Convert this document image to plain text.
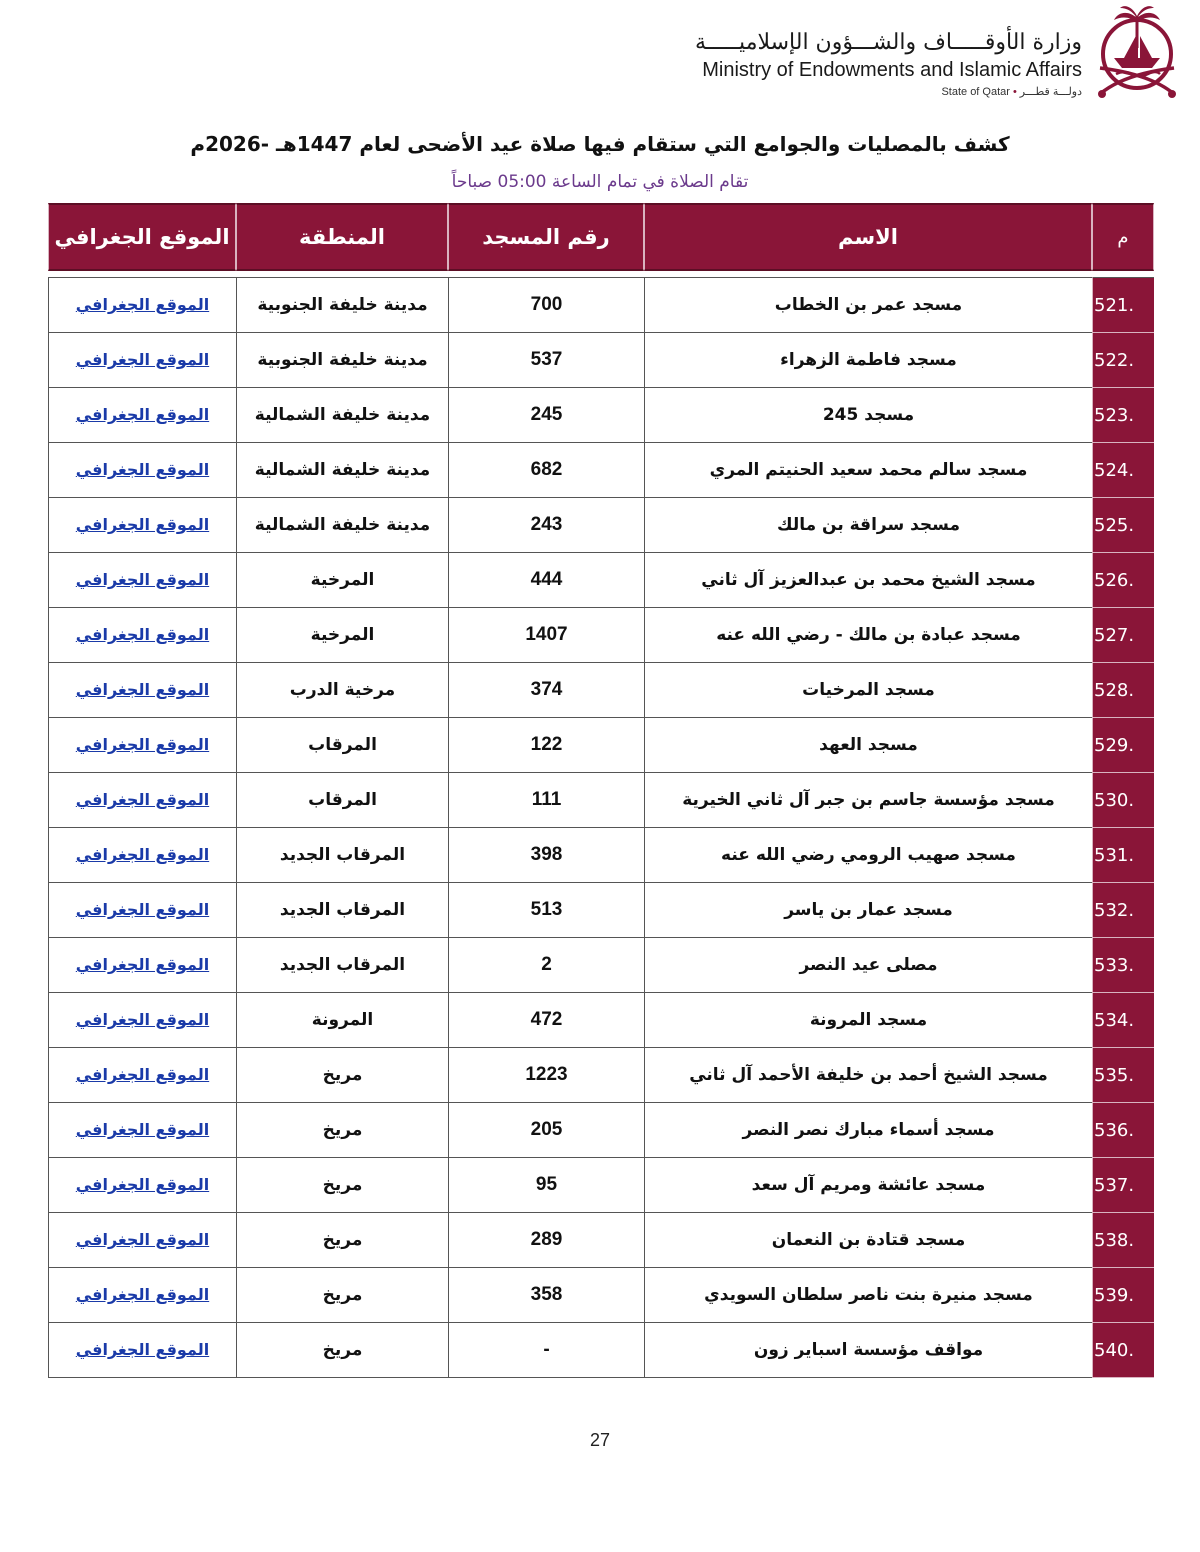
وزارة الأوقـــــاف والشـــؤون الإسلاميـــــة
Ministry of Endowments and Islamic Affairs
دولـــة قطـــر•State of Qatar
كشف بالمصليات والجوامع التي ستقام فيها صلاة عيد الأضحى لعام 1447هـ -2026م
تقام الصلاة في تمام الساعة 05:00 صباحاً
م	الاسم	رقم المسجد	المنطقة	الموقع الجغرافي

521.	مسجد عمر بن الخطاب	700	مدينة خليفة الجنوبية	الموقع الجغرافي
522.	مسجد فاطمة الزهراء	537	مدينة خليفة الجنوبية	الموقع الجغرافي
523.	مسجد 245	245	مدينة خليفة الشمالية	الموقع الجغرافي
524.	مسجد سالم محمد سعيد الحنيتم المري	682	مدينة خليفة الشمالية	الموقع الجغرافي
525.	مسجد سراقة بن مالك	243	مدينة خليفة الشمالية	الموقع الجغرافي
526.	مسجد الشيخ محمد بن عبدالعزيز آل ثاني	444	المرخية	الموقع الجغرافي
527.	مسجد عبادة بن مالك - رضي الله عنه	1407	المرخية	الموقع الجغرافي
528.	مسجد المرخيات	374	مرخية الدرب	الموقع الجغرافي
529.	مسجد العهد	122	المرقاب	الموقع الجغرافي
530.	مسجد مؤسسة جاسم بن جبر آل ثاني الخيرية	111	المرقاب	الموقع الجغرافي
531.	مسجد صهيب الرومي رضي الله عنه	398	المرقاب الجديد	الموقع الجغرافي
532.	مسجد عمار بن ياسر	513	المرقاب الجديد	الموقع الجغرافي
533.	مصلى عيد النصر	2	المرقاب الجديد	الموقع الجغرافي
534.	مسجد المرونة	472	المرونة	الموقع الجغرافي
535.	مسجد الشيخ أحمد بن خليفة الأحمد آل ثاني	1223	مريخ	الموقع الجغرافي
536.	مسجد أسماء مبارك نصر النصر	205	مريخ	الموقع الجغرافي
537.	مسجد عائشة ومريم آل سعد	95	مريخ	الموقع الجغرافي
538.	مسجد قتادة بن النعمان	289	مريخ	الموقع الجغرافي
539.	مسجد منيرة بنت ناصر سلطان السويدي	358	مريخ	الموقع الجغرافي
540.	مواقف مؤسسة اسباير زون	-	مريخ	الموقع الجغرافي
27
